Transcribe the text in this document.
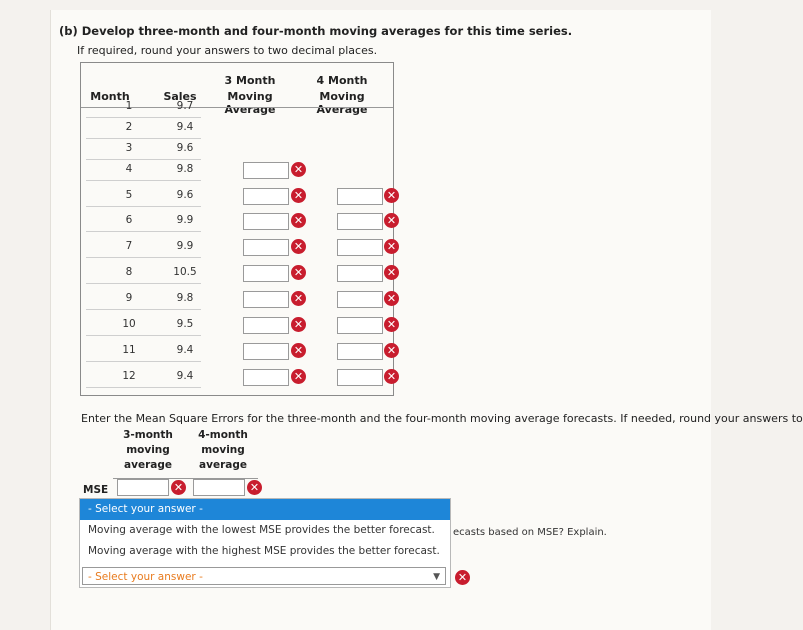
(b) Develop three-month and four-month moving averages for this time series.
If required, round your answers to two decimal places.
Month	Sales
3 Month
Moving Average
4 Month
Moving Average
1	9.7
2	9.4
3	9.6
4	9.8	✕
5	9.6	✕	✕
6	9.9	✕	✕
7	9.9	✕	✕
8	10.5	✕	✕
9	9.8	✕	✕
10	9.5	✕	✕
11	9.4	✕	✕
12	9.4	✕	✕
Enter the Mean Square Errors for the three-month and the four-month moving average forecasts. If needed, round your answers to
3-month
moving
average
4-month
moving
average
MSE	✕	✕
- Select your answer -
Moving average with the lowest MSE provides the better forecast.
Moving average with the highest MSE provides the better forecast.
- Select your answer -	▼ ✕
ecasts based on MSE? Explain.
